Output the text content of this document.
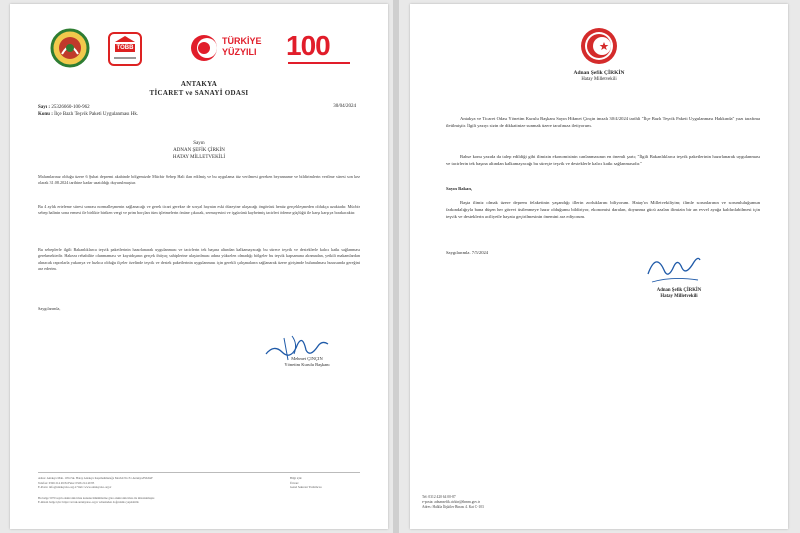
TOBB
TÜRKİYE
YÜZYILI 100
ANTAKYA
TİCARET ve SANAYİ ODASI
Sayı : 25326660-100-962
Konu : İlçe Bazlı Teşvik Paketi Uygulanması Hk.
30/04/2024
Sayın
ADNAN ŞEFİK ÇİRKİN
HATAY MİLLETVEKİLİ
Malumlarınız olduğu üzere 6 Şubat depremi akabinde bölgemizde Mücbir Sebep Hali ilan edilmiş ve bu uygulama tüz verilmesi gereken beyanname ve bildirimlerin verilme süresi son kez olarak 31.08.2024 tarihine kadar uzatıldığı duyurulmuştur.
Bu 4 aylık erteleme süresi sonrası normalleşmenin sağlanacağı ve gerek ticari gerekse de sosyal hayatın eski düzeyine ulaşacağı öngörüsü henüz gerçekleşmeden oldukça uzaktadır. Mücbir sebep halinin sona ermesi ile birlikte biriken vergi ve prim borçları tüm işletmelerin önüne çıkacak, sermayesini ve işgücünü kaybetmiş tacirleri ödeme güçlüğü ile karşı karşıya bırakacaktır.
Bu sebeplerle ilgili Bakanlıklarca teşvik paketlerinin hazırlanarak uygulanması ve tacirlerin tek başına altından kalkamayacağı bu sürece teşvik ve desteklerle kalıcı katkı sağlanması gerekmektedir. Hakeza rehabilite olunmaması ve kayıtdışının gerçek ihtiyaç sahiplerine ulaştırılması adına yükselen olmadığı bölgeler bu teşvik kapsamına alınmadan, yetkili makamlardan alınacak raporlarla yukarıya ve hızlıca olduğu ilçeler özelinde teşvik ve destek paketlerinin uygulanması için gerekli çalışmaların sağlanarak üzere girişimde bulunulması hususunda gereğini arz ederim.
Saygılarımla,
Mehmet ÇINÇIN
Yönetim Kurulu Başkanı
Adres: Antakya Mah. 1054 Sk. Hatay Antakya Kaşımahmutağa Mevkii No:31 Antakya/HATAY
Telefon: 0326 214 49 84 Faks: 0326 214 49 85
E-Posta: info@antakyatso.org.tr Web: www.antakyatso.org.tr
Bilgi için:
Ünvan:
Genel Sekreter Yardımcısı
Bu belge 5070 sayılı elektronik imza kanunu hükümlerine göre elektronik imza ile imzalanmıştır.
E-imzalı belge için: https://evrak.antakyatso.org.tr adresinden doğrulama yapılabilir.
Adnan Şefik ÇİRKİN
Hatay Milletvekili
Antakya ve Ticaret Odası Yönetim Kurulu Başkanı Sayın Hikmet Çinçin imzalı 30/4/2024 tarihli "İlçe Bazlı Teşvik Paketi Uygulanması Hakkında" yazı tarafıma iletilmiştir. İlgili yazıyı sizin de dikkatinize sunmak üzere tarafınıza iletiyorum.
Bahse konu yazıda da talep edildiği gibi ilimizin ekonomisinin canlanmasının en önemli şartı; "İlgili Bakanlıklarca teşvik paketlerinin hazırlanarak uygulanması ve tacirlerin tek başına altından kalkamayacağı bu süreçte teşvik ve desteklerle kalıcı katkı sağlanmasıdır."
Sayın Bakan,
Başta ilimiz olmak üzere deprem felaketinin yaşandığı illerin zorluklarını biliyorum. Hatay'ın Milletvekiliyim; ilimle sorunlarının ve sorumluluğumun farkındalığıyla bana düşen her görevi üstlenmeye hazır olduğumu bildiriyor, ekonomisi daralan, doyunma gücü azalan ilimizin bir an evvel ayağa kaldırılabilmesi için teşvik ve desteklerin aciliyetle hayata geçirilmesinin önemini arz ediyorum.
Saygılarımla. 7/5/2024
Adnan Şefik ÇİRKİN
Hatay Milletvekili
Tel: 0312 420 64 00-87
e-posta: adnansefik.cirkin@tbmm.gov.tr
Adres: Halkla İlişkiler Binası 4. Kat C-103
